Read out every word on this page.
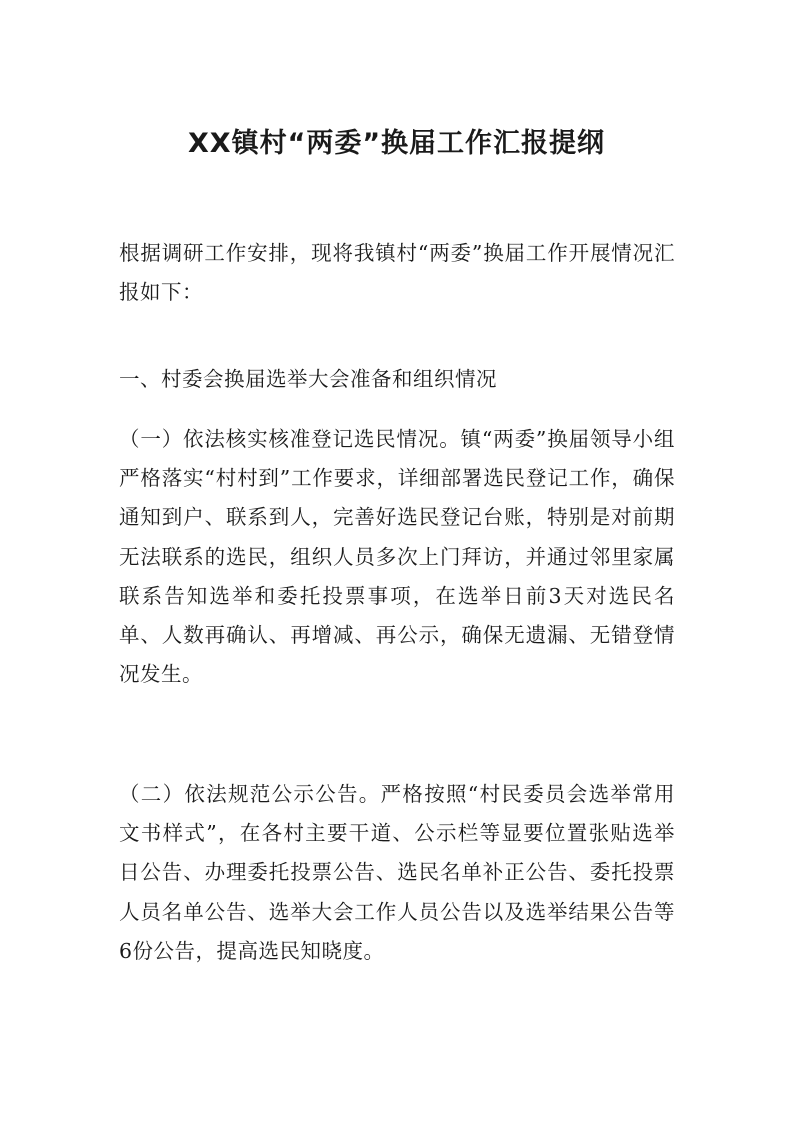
XX镇村“两委”换届工作汇报提纲

根据调研工作安排，现将我镇村“两委”换届工作开展情况汇报如下：

一、村委会换届选举大会准备和组织情况

（一）依法核实核准登记选民情况。镇“两委”换届领导小组严格落实“村村到”工作要求，详细部署选民登记工作，确保通知到户、联系到人，完善好选民登记台账，特别是对前期无法联系的选民，组织人员多次上门拜访，并通过邻里家属联系告知选举和委托投票事项，在选举日前3天对选民名单、人数再确认、再增减、再公示，确保无遗漏、无错登情况发生。

（二）依法规范公示公告。严格按照“村民委员会选举常用文书样式”，在各村主要干道、公示栏等显要位置张贴选举日公告、办理委托投票公告、选民名单补正公告、委托投票人员名单公告、选举大会工作人员公告以及选举结果公告等6份公告，提高选民知晓度。
